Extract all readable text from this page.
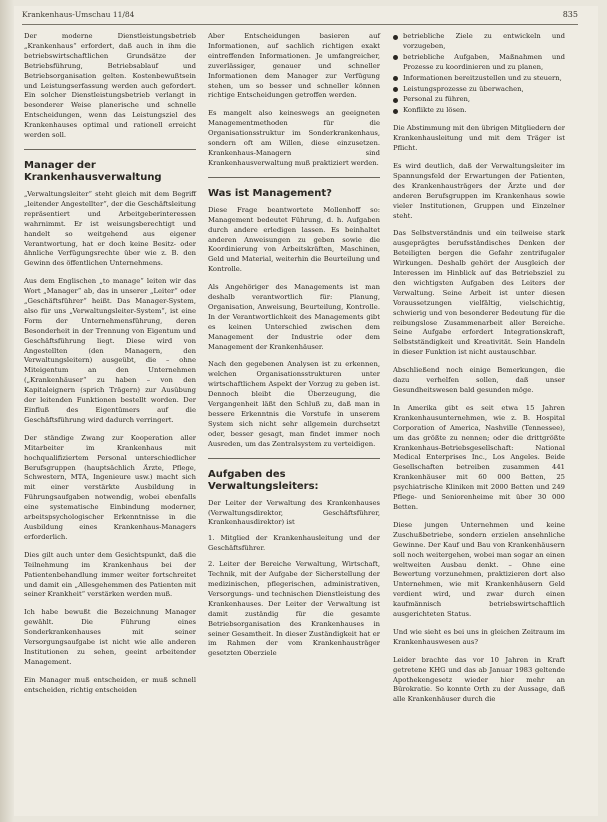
Krankenhaus-Umschau 11/84	835

Der moderne Dienstleistungsbetrieb „Krankenhaus“ erfordert, daß auch in ihm die betriebswirtschaftlichen Grundsätze der Betriebsführung, Betriebsablauf und Betriebsorganisation gelten. Kostenbewußtsein und Leistungserfassung werden auch gefordert. Ein solcher Dienstleistungsbetrieb verlangt in besonderer Weise planerische und schnelle Entscheidungen, wenn das Leistungsziel des Krankenhauses optimal und rationell erreicht werden soll.

Manager der Krankenhausverwaltung

„Verwaltungsleiter“ steht gleich mit dem Begriff „leitender Angestellter“, der die Geschäftsleitung repräsentiert und Arbeitgeberinteressen wahrnimmt. Er ist weisungsberechtigt und handelt so weitgehend aus eigener Verantwortung, hat er doch keine Besitz- oder ähnliche Verfügungsrechte über wie z. B. den Gewinn des öffentlichen Unternehmens.

Aus dem Englischen „to manage“ leiten wir das Wort „Manager“ ab, das in unserer „Leiter“ oder „Geschäftsführer“ heißt. Das Manager-System, also für uns „Verwaltungsleiter-System“, ist eine Form der Unternehmensführung, deren Besonderheit in der Trennung von Eigentum und Geschäftsführung liegt. Diese wird von Angestellten (den Managern, den Verwaltungsleitern) ausgeübt, die – ohne Miteigentum an den Unternehmen („Krankenhäuser“ zu haben – von den Kapitaleignern (sprich Trägern) zur Ausübung der leitenden Funktionen bestellt worden. Der Einfluß des Eigentümers auf die Geschäftsführung wird dadurch verringert.

Der ständige Zwang zur Kooperation aller Mitarbeiter im Krankenhaus mit hochqualifiziertem Personal unterschiedlicher Berufsgruppen (hauptsächlich Ärzte, Pflege, Schwestern, MTA, Ingenieure usw.) macht sich mit einer verstärkte Ausbildung in Führungsaufgaben notwendig, wobei ebenfalls eine systematische Einbindung moderner, arbeitspsychologischer Erkenntnisse in die Ausbildung eines Krankenhaus-Managers erforderlich.

Dies gilt auch unter dem Gesichtspunkt, daß die Teilnehmung im Krankenhaus bei der Patientenbehandlung immer weiter fortschreitet und damit ein „Allesgehemmen des Patienten mit seiner Krankheit“ verstärken werden muß.

Ich habe bewußt die Bezeichnung Manager gewählt. Die Führung eines Sonderkrankenhauses mit seiner Versorgungsaufgabe ist nicht wie alle anderen Institutionen zu sehen, geeint arbeitender Management.

Ein Manager muß entscheiden, er muß schnell entscheiden, richtig entscheiden

Aber Entscheidungen basieren auf Informationen, auf sachlich richtigen exakt eintreffenden Informationen. Je umfangreicher, zuverlässiger, genauer und schneller Informationen dem Manager zur Verfügung stehen, um so besser und schneller können richtige Entscheidungen getroffen werden.

Es mangelt also keineswegs an geeigneten Managementmethoden für die Organisationsstruktur im Sonderkrankenhaus, sondern oft am Willen, diese einzusetzen. Krankenhaus-Managern sind Krankenhausverwaltung muß praktiziert werden.

Was ist Management?

Diese Frage beantwortete Mollenhoff so: Management bedeutet Führung, d. h. Aufgaben durch andere erledigen lassen. Es beinhaltet anderen Anweisungen zu geben sowie die Koordinierung von Arbeitskräften, Maschinen, Geld und Material, weiterhin die Beurteilung und Kontrolle.

Als Angehöriger des Managements ist man deshalb verantwortlich für: Planung, Organisation, Anweisung, Beurteilung, Kontrolle. In der Verantwortlichkeit des Managements gibt es keinen Unterschied zwischen dem Management der Industrie oder dem Management der Krankenhäuser.

Nach den gegebenen Analysen ist zu erkennen, welchen Organisationsstrukturen unter wirtschaftlichem Aspekt der Vorzug zu geben ist. Dennoch bleibt die Überzeugung, die Vergangenheit läßt den Schluß zu, daß man in bessere Erkenntnis die Vorstufe in unserem System sich nicht sehr allgemein durchsetzt oder, besser gesagt, man findet immer noch Ausreden, um das Zentralsystem zu verteidigen.

Aufgaben des Verwaltungsleiters:

Der Leiter der Verwaltung des Krankenhauses (Verwaltungsdirektor, Geschäftsführer, Krankenhausdirektor) ist

1. Mitglied der Krankenhausleitung und der Geschäftsführer.

2. Leiter der Bereiche Verwaltung, Wirtschaft, Technik, mit der Aufgabe der Sicherstellung der medizinischen, pflegerischen, administrativen, Versorgungs- und technischen Dienstleistung des Krankenhauses. Der Leiter der Verwaltung ist damit zuständig für die gesamte Betriebsorganisation des Krankenhauses in seiner Gesamtheit. In dieser Zuständigkeit hat er im Rahmen der vom Krankenhausträger gesetzten Oberziele

betriebliche Ziele zu entwickeln und vorzugeben,
betriebliche Aufgaben, Maßnahmen und Prozesse zu koordinieren und zu planen,
Informationen bereitzustellen und zu steuern,
Leistungsprozesse zu überwachen,
Personal zu führen,
Konflikte zu lösen.

Die Abstimmung mit den übrigen Mitgliedern der Krankenhausleitung und mit dem Träger ist Pflicht.

Es wird deutlich, daß der Verwaltungsleiter im Spannungsfeld der Erwartungen der Patienten, des Krankenhausträgers der Ärzte und der anderen Berufsgruppen im Krankenhaus sowie vieler Institutionen, Gruppen und Einzelner steht.

Das Selbstverständnis und ein teilweise stark ausgeprägtes berufsständisches Denken der Beteiligten bergen die Gefahr zentrifugaler Wirkungen. Deshalb gehört der Ausgleich der Interessen im Hinblick auf das Betriebsziel zu den wichtigsten Aufgaben des Leiters der Verwaltung. Seine Arbeit ist unter diesen Voraussetzungen vielfältig, vielschichtig, schwierig und von besonderer Bedeutung für die reibungslose Zusammenarbeit aller Bereiche. Seine Aufgabe erfordert Integrationskraft, Selbstständigkeit und Kreativität. Sein Handeln in dieser Funktion ist nicht austauschbar.

Abschließend noch einige Bemerkungen, die dazu verhelfen sollen, daß unser Gesundheitswesen bald gesunden möge.

In Amerika gibt es seit etwa 15 Jahren Krankenhausunternehmen, wie z. B. Hospital Corporation of America, Nashville (Tennessee), um das größte zu nennen; oder die drittgrößte Krankenhaus-Betriebsgesellschaft: National Medical Enterprises Inc., Los Angeles. Beide Gesellschaften betreiben zusammen 441 Krankenhäuser mit 60 000 Betten, 25 psychiatrische Kliniken mit 2000 Betten und 249 Pflege- und Seniorenheime mit über 30 000 Betten.

Diese jungen Unternehmen und keine Zuschußbetriebe, sondern erzielen ansehnliche Gewinne. Der Kauf und Bau von Krankenhäusern soll noch weitergehen, wobei man sogar an einen weltweiten Ausbau denkt. – Ohne eine Bewertung vorzunehmen, praktizieren dort also Unternehmen, wie mit Krankenhäusern Geld verdient wird, und zwar durch einen kaufmännisch betriebswirtschaftlich ausgerichteten Status.

Und wie sieht es bei uns in gleichen Zeitraum im Krankenhauswesen aus?

Leider brachte das vor 10 Jahren in Kraft getretene KHG und das ab Januar 1983 geltende Apothekengesetz wieder hier mehr an Bürokratie. So konnte Orth zu der Aussage, daß alle Krankenhäuser durch die
